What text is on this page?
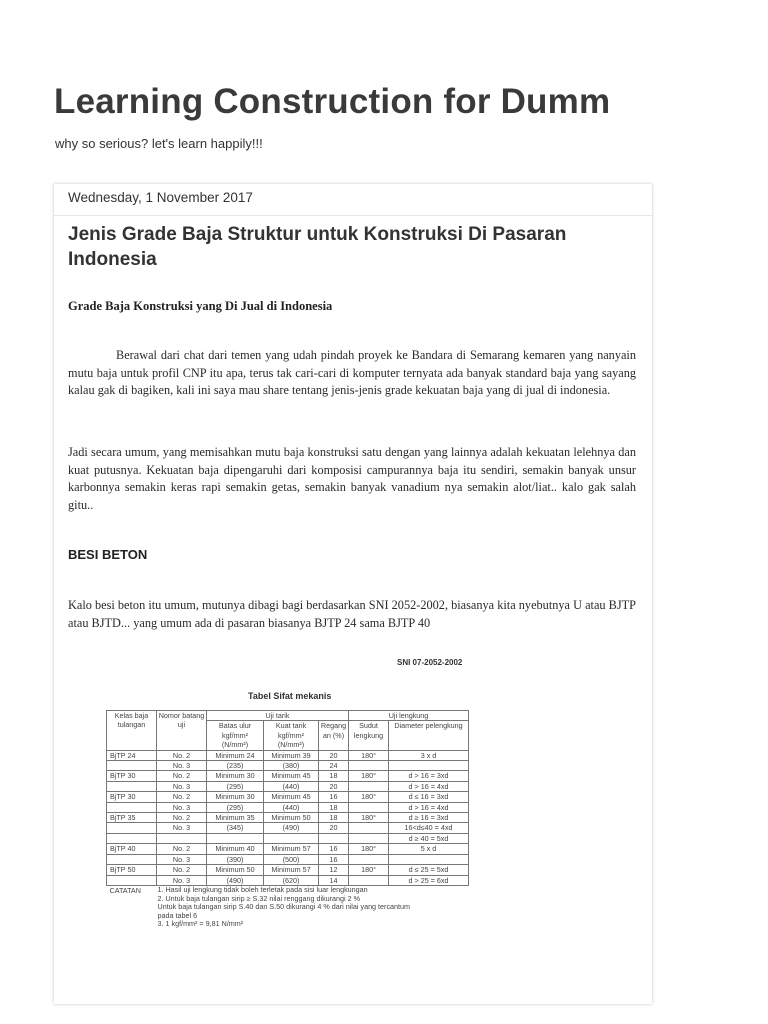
Learning Construction for Dumm
why so serious? let's learn happily!!!
Wednesday, 1 November 2017
Jenis Grade Baja Struktur untuk Konstruksi Di Pasaran Indonesia
Grade Baja Konstruksi yang Di Jual di Indonesia

Berawal dari chat dari temen yang udah pindah proyek ke Bandara di Semarang kemaren yang nanyain mutu baja untuk profil CNP itu apa, terus tak cari-cari di komputer ternyata ada banyak standard baja yang sayang kalau gak di bagiken, kali ini saya mau share tentang jenis-jenis grade kekuatan baja yang di jual di indonesia.

Jadi secara umum, yang memisahkan mutu baja konstruksi satu dengan yang lainnya adalah kekuatan lelehnya dan kuat putusnya. Kekuatan baja dipengaruhi dari komposisi campurannya baja itu sendiri, semakin banyak unsur karbonnya semakin keras rapi semakin getas, semakin banyak vanadium nya semakin alot/liat.. kalo gak salah gitu..

BESI BETON

Kalo besi beton itu umum, mutunya dibagi bagi berdasarkan SNI 2052-2002, biasanya kita nyebutnya U atau BJTP atau BJTD... yang umum ada di pasaran biasanya BJTP 24 sama BJTP 40

SNI 07-2052-2002
Tabel Sifat mekanis
Kelas baja tulangan	Nomor batang uji	Uji tarik			Uji lengkung	
		Batas ulur kgf/mm² (N/mm²)	Kuat tarik kgf/mm² (N/mm²)	Regang an (%)	Sudut lengkung	Diameter pelengkung
BjTP 24	No. 2	Minimum 24	Minimum 39	20	180°	3 x d
	No. 3	(235)	(380)	24		
BjTP 30	No. 2	Minimum 30	Minimum 45	18	180°	d > 16 = 3xd
	No. 3	(295)	(440)	20		d > 16 = 4xd
BjTP 30	No. 2	Minimum 30	Minimum 45	16	180°	d ≤ 16 = 3xd
	No. 3	(295)	(440)	18		d > 16 = 4xd
BjTP 35	No. 2	Minimum 35	Minimum 50	18	180°	d ≥ 16 = 3xd
	No. 3	(345)	(490)	20		16<d≤40 = 4xd
						d ≥ 40 = 5xd
BjTP 40	No. 2	Minimum 40	Minimum 57	16	180°	5 x d
	No. 3	(390)	(500)	16		
BjTP 50	No. 2	Minimum 50	Minimum 57	12	180°	d ≤ 25 = 5xd
	No. 3	(490)	(620)	14		d > 25 = 6xd
CATATAN	1. Hasil uji lengkung tidak boleh terletak pada sisi luar lengkungan
2. Untuk baja tulangan sirip ≥ S.32 nilai renggang dikurangi 2 %
Untuk baja tulangan sirip S.40 dan S.50 dikurangi 4 % dari nilai yang tercantum
pada tabel 6
3. 1 kgf/mm² = 9,81 N/mm²					
